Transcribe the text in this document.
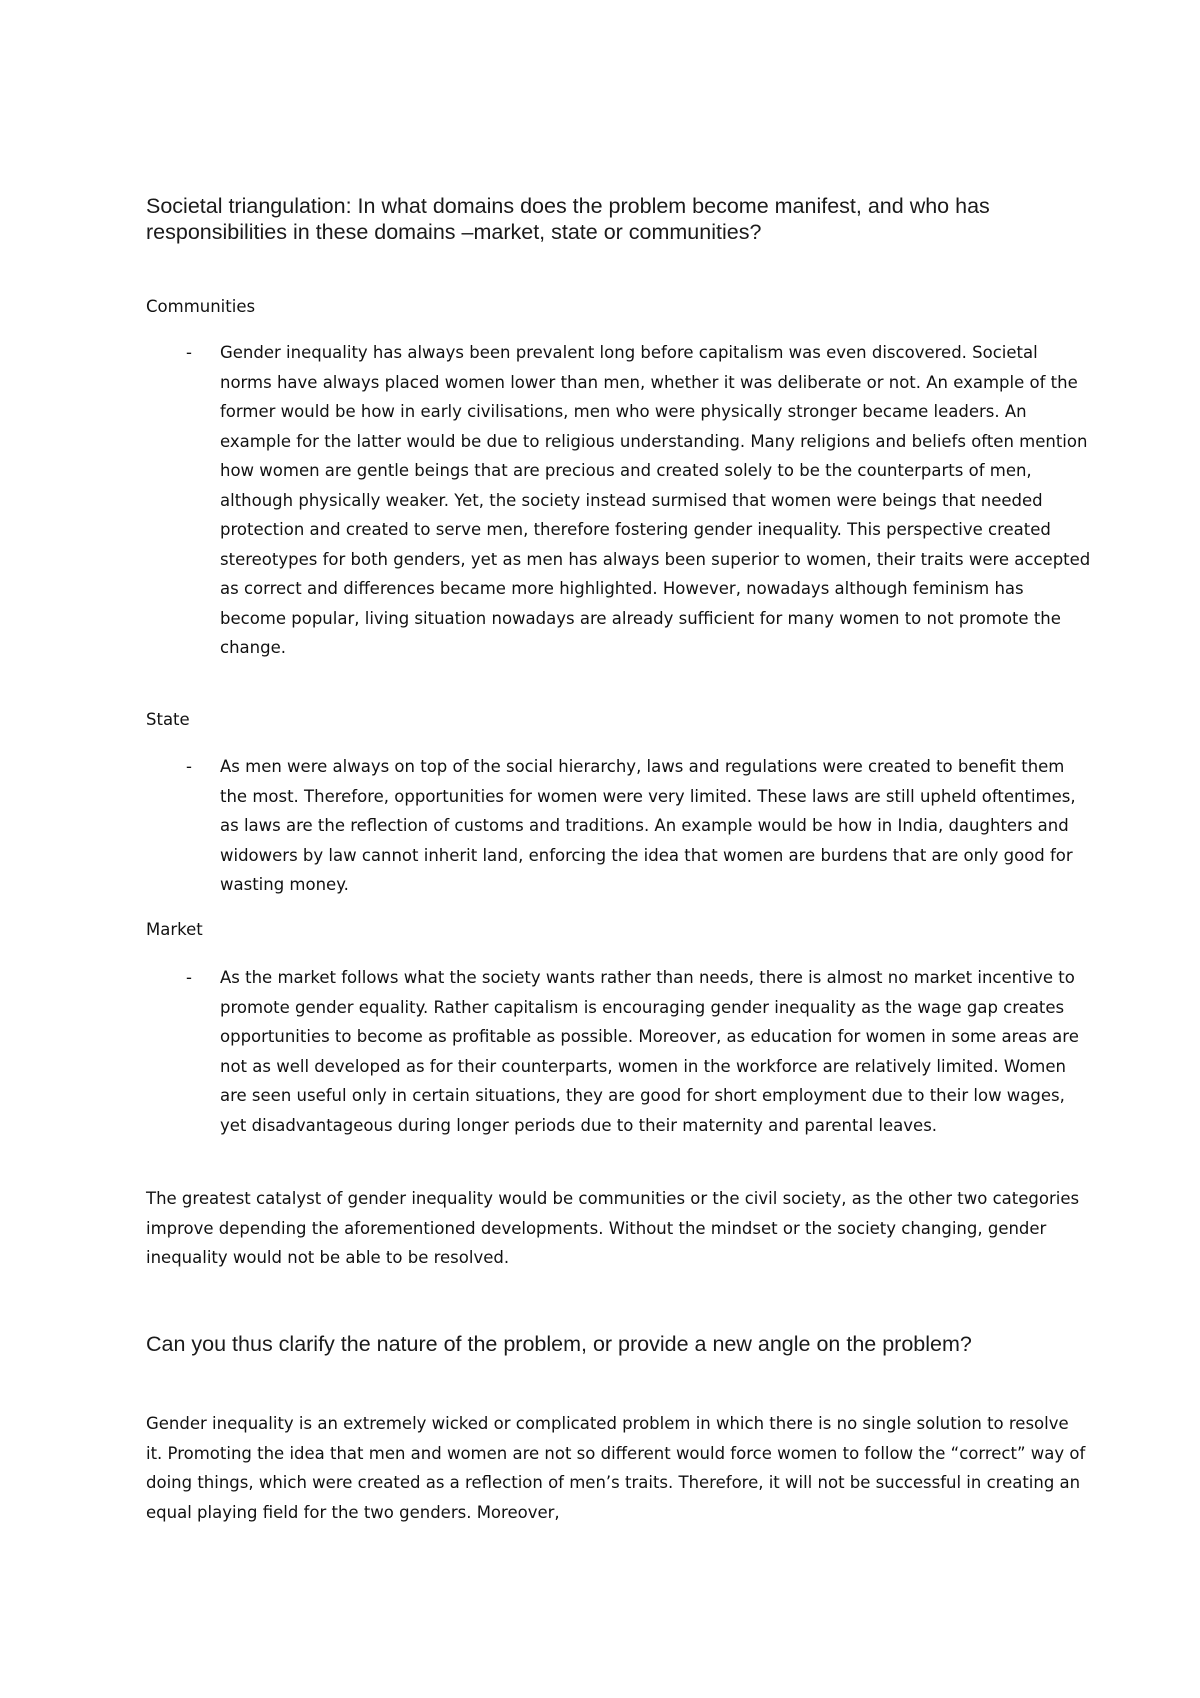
Societal triangulation: In what domains does the problem become manifest, and who has responsibilities in these domains –market, state or communities?
Communities
- Gender inequality has always been prevalent long before capitalism was even discovered. Societal norms have always placed women lower than men, whether it was deliberate or not. An example of the former would be how in early civilisations, men who were physically stronger became leaders. An example for the latter would be due to religious understanding. Many religions and beliefs often mention how women are gentle beings that are precious and created solely to be the counterparts of men, although physically weaker. Yet, the society instead surmised that women were beings that needed protection and created to serve men, therefore fostering gender inequality. This perspective created stereotypes for both genders, yet as men has always been superior to women, their traits were accepted as correct and differences became more highlighted. However, nowadays although feminism has become popular, living situation nowadays are already sufficient for many women to not promote the change.

State
- As men were always on top of the social hierarchy, laws and regulations were created to benefit them the most. Therefore, opportunities for women were very limited. These laws are still upheld oftentimes, as laws are the reflection of customs and traditions. An example would be how in India, daughters and widowers by law cannot inherit land, enforcing the idea that women are burdens that are only good for wasting money.

Market
- As the market follows what the society wants rather than needs, there is almost no market incentive to promote gender equality. Rather capitalism is encouraging gender inequality as the wage gap creates opportunities to become as profitable as possible. Moreover, as education for women in some areas are not as well developed as for their counterparts, women in the workforce are relatively limited. Women are seen useful only in certain situations, they are good for short employment due to their low wages, yet disadvantageous during longer periods due to their maternity and parental leaves.

The greatest catalyst of gender inequality would be communities or the civil society, as the other two categories improve depending the aforementioned developments. Without the mindset or the society changing, gender inequality would not be able to be resolved.

Can you thus clarify the nature of the problem, or provide a new angle on the problem?

Gender inequality is an extremely wicked or complicated problem in which there is no single solution to resolve it. Promoting the idea that men and women are not so different would force women to follow the “correct” way of doing things, which were created as a reflection of men’s traits. Therefore, it will not be successful in creating an equal playing field for the two genders. Moreover,
